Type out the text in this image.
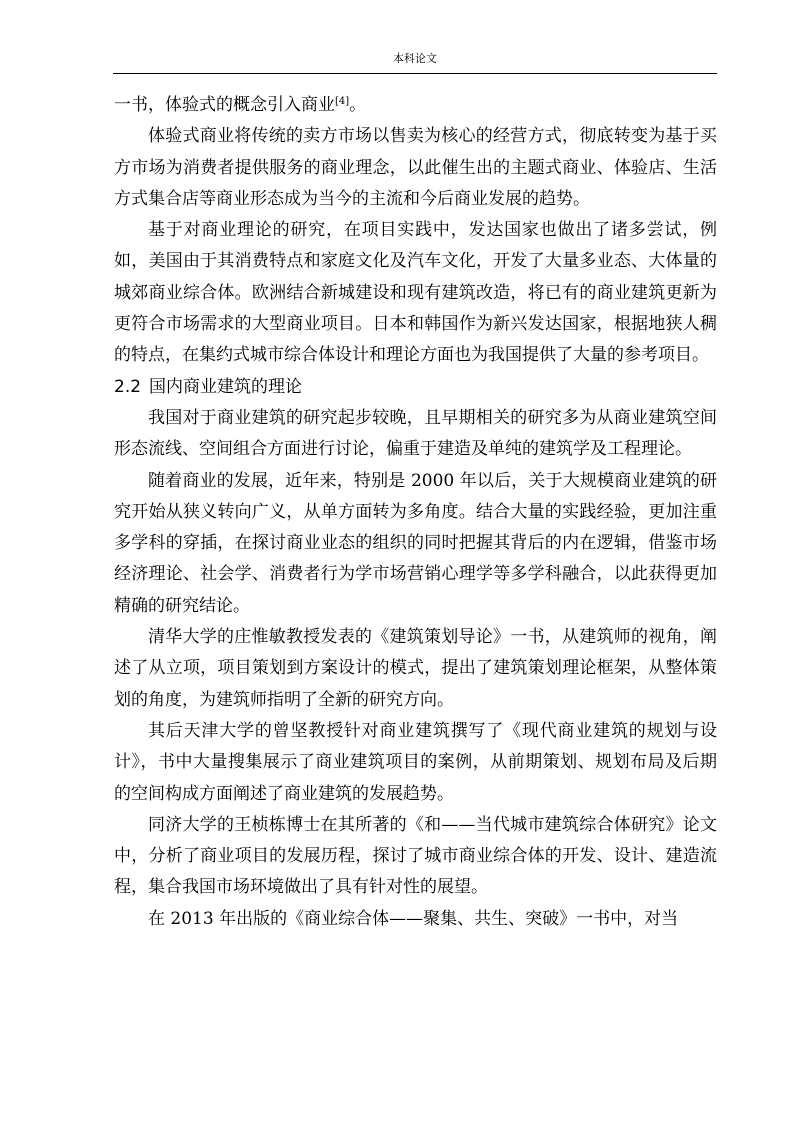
本科论文

一书，体验式的概念引入商业[4]。

体验式商业将传统的卖方市场以售卖为核心的经营方式，彻底转变为基于买方市场为消费者提供服务的商业理念，以此催生出的主题式商业、体验店、生活方式集合店等商业形态成为当今的主流和今后商业发展的趋势。

基于对商业理论的研究，在项目实践中，发达国家也做出了诸多尝试，例如，美国由于其消费特点和家庭文化及汽车文化，开发了大量多业态、大体量的城郊商业综合体。欧洲结合新城建设和现有建筑改造，将已有的商业建筑更新为更符合市场需求的大型商业项目。日本和韩国作为新兴发达国家，根据地狭人稠的特点，在集约式城市综合体设计和理论方面也为我国提供了大量的参考项目。

2.2 国内商业建筑的理论

我国对于商业建筑的研究起步较晚，且早期相关的研究多为从商业建筑空间形态流线、空间组合方面进行讨论，偏重于建造及单纯的建筑学及工程理论。

随着商业的发展，近年来，特别是 2000 年以后，关于大规模商业建筑的研究开始从狭义转向广义，从单方面转为多角度。结合大量的实践经验，更加注重多学科的穿插，在探讨商业业态的组织的同时把握其背后的内在逻辑，借鉴市场经济理论、社会学、消费者行为学市场营销心理学等多学科融合，以此获得更加精确的研究结论。

清华大学的庄惟敏教授发表的《建筑策划导论》一书，从建筑师的视角，阐述了从立项，项目策划到方案设计的模式，提出了建筑策划理论框架，从整体策划的角度，为建筑师指明了全新的研究方向。

其后天津大学的曾坚教授针对商业建筑撰写了《现代商业建筑的规划与设计》，书中大量搜集展示了商业建筑项目的案例，从前期策划、规划布局及后期的空间构成方面阐述了商业建筑的发展趋势。

同济大学的王桢栋博士在其所著的《和——当代城市建筑综合体研究》论文中，分析了商业项目的发展历程，探讨了城市商业综合体的开发、设计、建造流程，集合我国市场环境做出了具有针对性的展望。

在 2013 年出版的《商业综合体——聚集、共生、突破》一书中，对当
